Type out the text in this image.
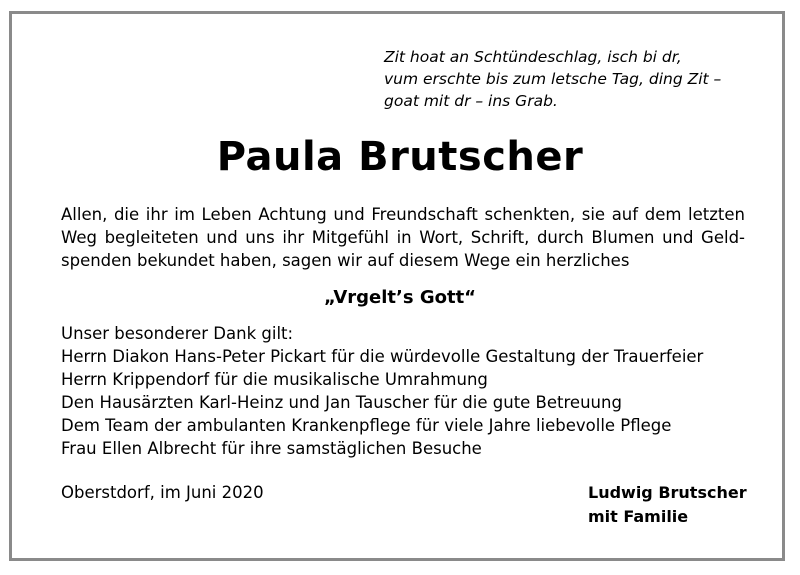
Zit hoat an Schtündeschlag, isch bi dr,
vum erschte bis zum letsche Tag, ding Zit –
goat mit dr – ins Grab.
Paula Brutscher
Allen, die ihr im Leben Achtung und Freundschaft schenkten, sie auf dem letzten
Weg begleiteten und uns ihr Mitgefühl in Wort, Schrift, durch Blumen und Geld-
spenden bekundet haben, sagen wir auf diesem Wege ein herzliches
„Vrgelt’s Gott“
Unser besonderer Dank gilt:
Herrn Diakon Hans-Peter Pickart für die würdevolle Gestaltung der Trauerfeier
Herrn Krippendorf für die musikalische Umrahmung
Den Hausärzten Karl-Heinz und Jan Tauscher für die gute Betreuung
Dem Team der ambulanten Krankenpflege für viele Jahre liebevolle Pflege
Frau Ellen Albrecht für ihre samstäglichen Besuche
Oberstdorf, im Juni 2020	Ludwig Brutscher
mit Familie
